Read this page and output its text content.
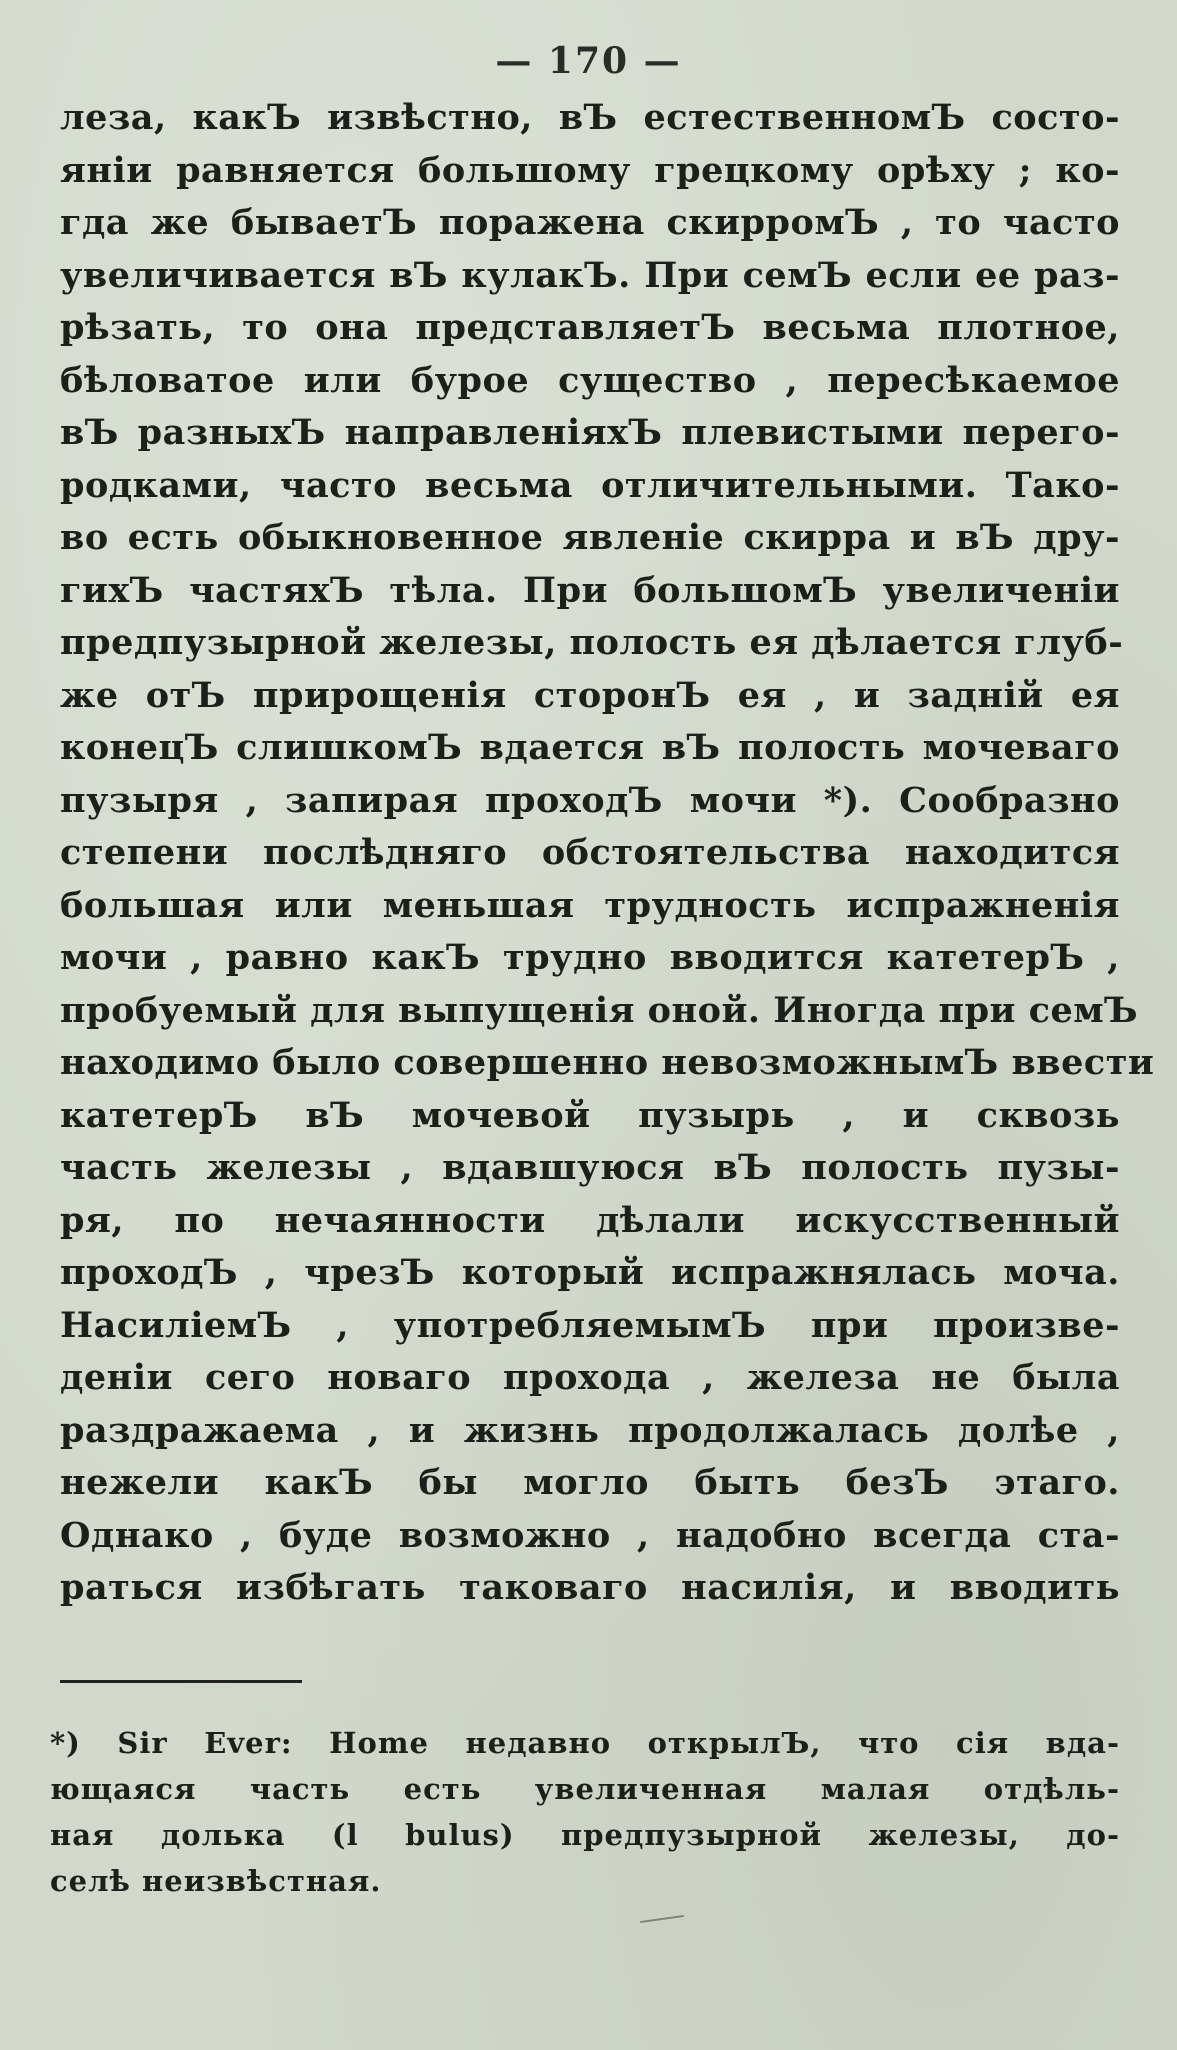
— 170 —
леза, какЪ извѣстно, вЪ естественномЪ состо-
яніи равняется большому грецкому орѣху ; ко-
гда же бываетЪ поражена скирромЪ , то часто
увеличивается вЪ кулакЪ. При семЪ если ее раз-
рѣзать, то она представляетЪ весьма плотное,
бѣловатое или бурое существо , пересѣкаемое
вЪ разныхЪ направленіяхЪ плевистыми перего-
родками, часто весьма отличительными. Тако-
во есть обыкновенное явленіе скирра и вЪ дру-
гихЪ частяхЪ тѣла. При большомЪ увеличеніи
предпузырной железы, полость ея дѣлается глуб-
же отЪ прирощенія сторонЪ ея , и задній ея
конецЪ слишкомЪ вдается вЪ полость мочеваго
пузыря , запирая проходЪ мочи *). Сообразно
степени послѣдняго обстоятельства находится
большая или меньшая трудность испражненія
мочи , равно какЪ трудно вводится катетерЪ ,
пробуемый для выпущенія оной. Иногда при семЪ
находимо было совершенно невозможнымЪ ввести
катетерЪ вЪ мочевой пузырь , и сквозь
часть железы , вдавшуюся вЪ полость пузы-
ря, по нечаянности дѣлали искусственный
проходЪ , чрезЪ который испражнялась моча.
НасиліемЪ , употребляемымЪ при произве-
деніи сего новаго прохода , железа не была
раздражаема , и жизнь продолжалась долѣе ,
нежели какЪ бы могло быть безЪ этаго.
Однако , буде возможно , надобно всегда ста-
раться избѣгать таковаго насилія, и вводить
*) Sir Ever: Home недавно открылЪ, что сія вда-
ющаяся часть есть увеличенная малая отдѣль-
ная долька (l bulus) предпузырной железы, до-
селѣ неизвѣстная.
